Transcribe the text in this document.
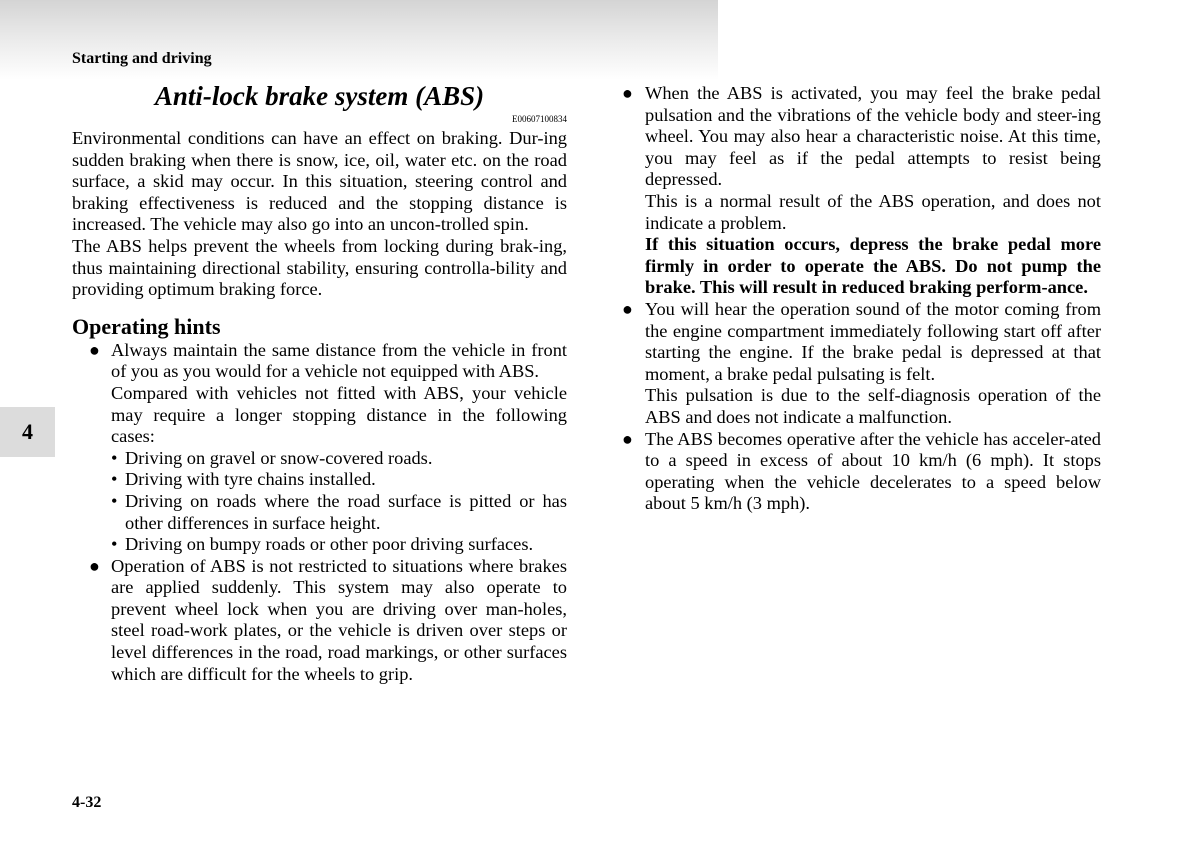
Starting and driving
4
Anti-lock brake system (ABS)
E00607100834

Environmental conditions can have an effect on braking. Dur-ing sudden braking when there is snow, ice, oil, water etc. on the road surface, a skid may occur. In this situation, steering control and braking effectiveness is reduced and the stopping distance is increased. The vehicle may also go into an uncon-trolled spin.

The ABS helps prevent the wheels from locking during brak-ing, thus maintaining directional stability, ensuring controlla-bility and providing optimum braking force.

Operating hints
● Always maintain the same distance from the vehicle in front of you as you would for a vehicle not equipped with ABS.

Compared with vehicles not fitted with ABS, your vehicle may require a longer stopping distance in the following cases:

• Driving on gravel or snow-covered roads.
• Driving with tyre chains installed.
• Driving on roads where the road surface is pitted or has other differences in surface height.
• Driving on bumpy roads or other poor driving surfaces.
● Operation of ABS is not restricted to situations where brakes are applied suddenly. This system may also operate to prevent wheel lock when you are driving over man-holes, steel road-work plates, or the vehicle is driven over steps or level differences in the road, road markings, or other surfaces which are difficult for the wheels to grip.

● When the ABS is activated, you may feel the brake pedal pulsation and the vibrations of the vehicle body and steer-ing wheel. You may also hear a characteristic noise. At this time, you may feel as if the pedal attempts to resist being depressed.

This is a normal result of the ABS operation, and does not indicate a problem.

If this situation occurs, depress the brake pedal more firmly in order to operate the ABS. Do not pump the brake. This will result in reduced braking perform-ance.

● You will hear the operation sound of the motor coming from the engine compartment immediately following start off after starting the engine. If the brake pedal is depressed at that moment, a brake pedal pulsating is felt.

This pulsation is due to the self-diagnosis operation of the ABS and does not indicate a malfunction.

● The ABS becomes operative after the vehicle has acceler-ated to a speed in excess of about 10 km/h (6 mph). It stops operating when the vehicle decelerates to a speed below about 5 km/h (3 mph).

4-32
